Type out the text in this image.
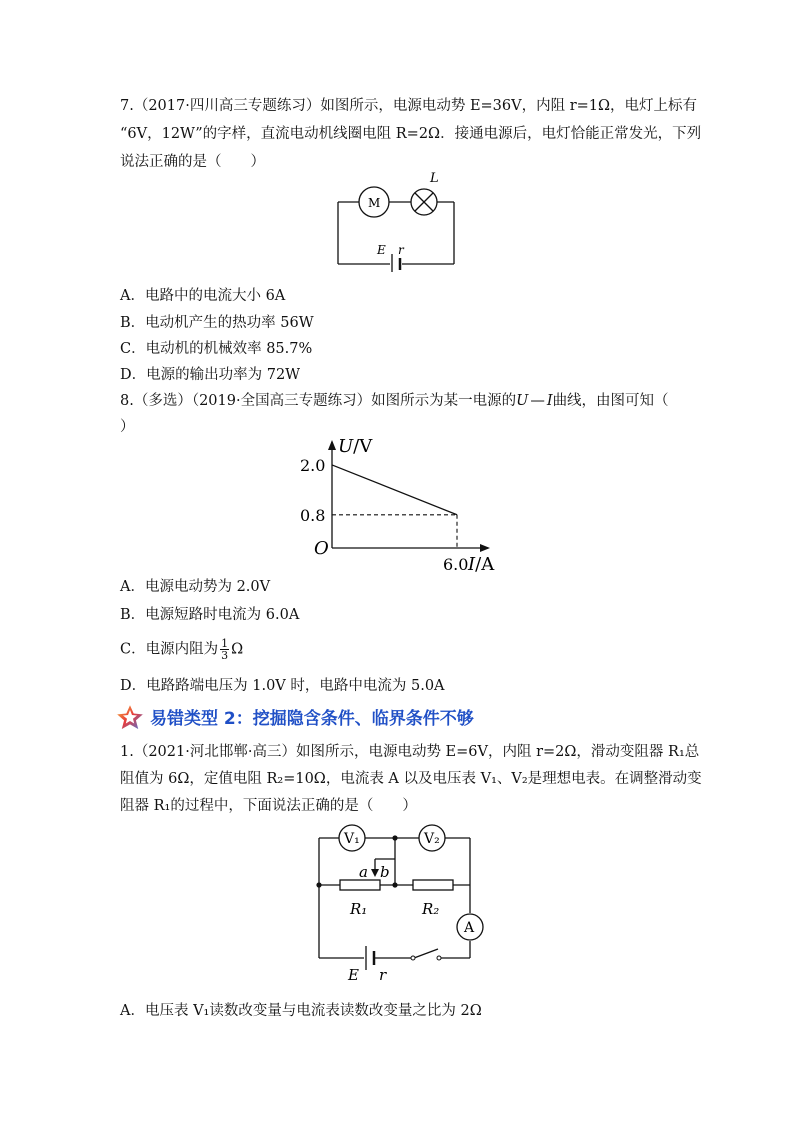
7.（2017·四川高三专题练习）如图所示，电源电动势 E=36V，内阻 r=1Ω，电灯上标有
“6V，12W”的字样，直流电动机线圈电阻 R=2Ω．接通电源后，电灯恰能正常发光，下列
说法正确的是（　　）
M
L
E r
A．电路中的电流大小 6A
B．电动机产生的热功率 56W
C．电动机的机械效率 85.7%
D．电源的输出功率为 72W
8.（多选）（2019·全国高三专题练习）如图所示为某一电源的U — I曲线，由图可知（
）
2.0
0.8
6.0
O
U/V
I/A
A．电源电动势为 2.0V
B．电源短路时电流为 6.0A
C．电源内阻为 $\frac{1}{3}$ Ω
D．电路路端电压为 1.0V 时，电路中电流为 5.0A
易错类型 2：挖掘隐含条件、临界条件不够
1.（2021·河北邯郸·高三）如图所示，电源电动势 E=6V，内阻 r=2Ω，滑动变阻器 R₁总
阻值为 6Ω，定值电阻 R₂=10Ω，电流表 A 以及电压表 V₁、V₂是理想电表。在调整滑动变
阻器 R₁的过程中，下面说法正确的是（　　）
V₁	V₂
A
a b
R₁	R₂
E r
A．电压表 V₁读数改变量与电流表读数改变量之比为 2Ω
